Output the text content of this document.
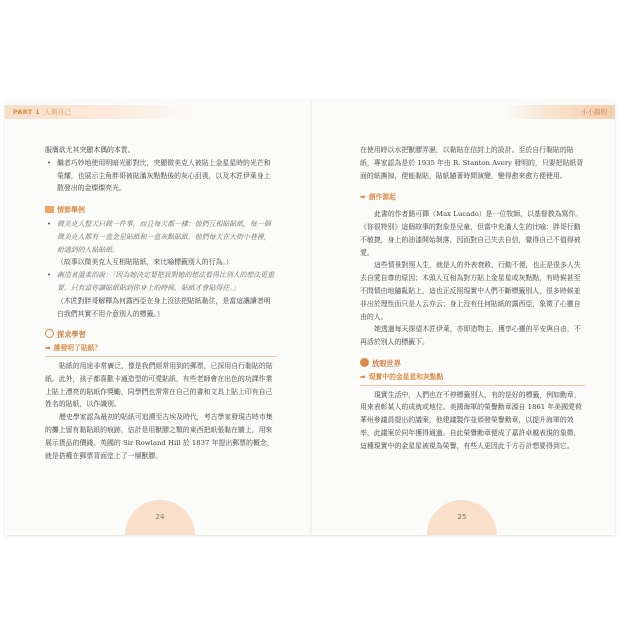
PART 1 人與自己

服膺欲尤其突顯木偶的本質。

• 繼者巧妙地使用明暗光影對比，突顯微美克人被貼上金星星時的光芒和榮耀，也展示主角胖哥被貼滿灰點點後的灰心沮喪，以及木匠伊萊身上散發出的金燦燦亮光。

情節舉例

• 微美克人整天只做一件事，而且每天都一樣：他們互相貼貼紙，每一個微美克人都有一盒金星貼紙和一盒灰點貼紙，他們每天在大街小巷裡，給遇到的人貼貼紙。

（故事以微美克人互相貼貼紙，來比喻標籤別人的行為。）

• 創造者溫柔的說：「因為她決定要把我對她的想法看得比別人的想法更重要。只有當你讓貼紙貼到你身上的時候，貼紙才會貼得住。」

（木匠對胖哥解釋為何露西亞在身上沒法把貼紙黏住，是當這讓讀者明白我們其實不用介意別人的標籤。）

探求學習
➡ 誰發明了貼紙？

貼紙的用途非常廣泛，像是我們經常用到的郵票，已採用自行黏貼的貼紙。此外，孩子都喜歡卡通造型的可愛貼紙，有些老師會在出色的功課作業上貼上漂亮的貼紙作獎勵，同學們也常常在自己的書和文具上貼上印有自己姓名的貼紙，以作識別。

歷史學家認為最初的貼紙可追溯至古埃及時代，考古學家發現古時市集的攤上留有黏貼紙的痕跡，估計是用獸膠之類的東西把紙張黏在牆上，用來展示貨品的價錢。英國的 Sir Rowland Hill 於 1837 年提出郵票的概念，就是搭權在郵票背面塗上了一層獸膠。

24
小小錦的

在使用時以水把獸膠弄濕，以黏貼在信封上的設計。至於自行黏貼的貼紙，專家認為是於 1935 年由 R. Stanton Avery 發明的，只要把貼紙背面的紙撕掉，便能黏貼，貼紙隨著時間演變，變得愈來愈方便使用。

➡ 創作源起

此書的作者路可鐸（Max Lucado）是一位牧師，以基督教為寫作。《你很特別》這個故事的對象是兒童，但當中充滿人生的比喻：胖哥行動不敏捷，身上的油漆開始剝落，因而對自己失去自信，覺得自己不值得被愛。

這些情景對照人生，就是人的外表衰敗，行動不便，也正是很多人失去自愛自尊的原因；木頭人互相為對方貼上金星星或灰點點，有時候甚至不問情由地隨亂貼上，這也正反照現實中人們不斷標籤別人，很多時候並非出於理性而只是人云亦云；身上沒有任何貼紙的露西亞，象徵了心靈自由的人。

她透過每天探望木匠伊萊，亦即造物主，獲享心靈的平安與自由，不再活於別人的標籤下。

放眼世界
➡ 現實中的金星星和灰點點

現實生活中，人們也在不停標籤別人，有的是好的標籤，例如勳章，用來表彰某人的成就或地位。美國海軍的榮譽勳章源自 1861 年美國愛荷華州參議員提出的議案，他建議製作並頒發榮譽勳章，以提升海軍的效率，此議案於同年獲得通過。自此榮譽勳章便成了嘉許卓越表現的象徵，這種現實中的金星星被視為榮譽，有些人更因此千方百計想要得到它。

25
